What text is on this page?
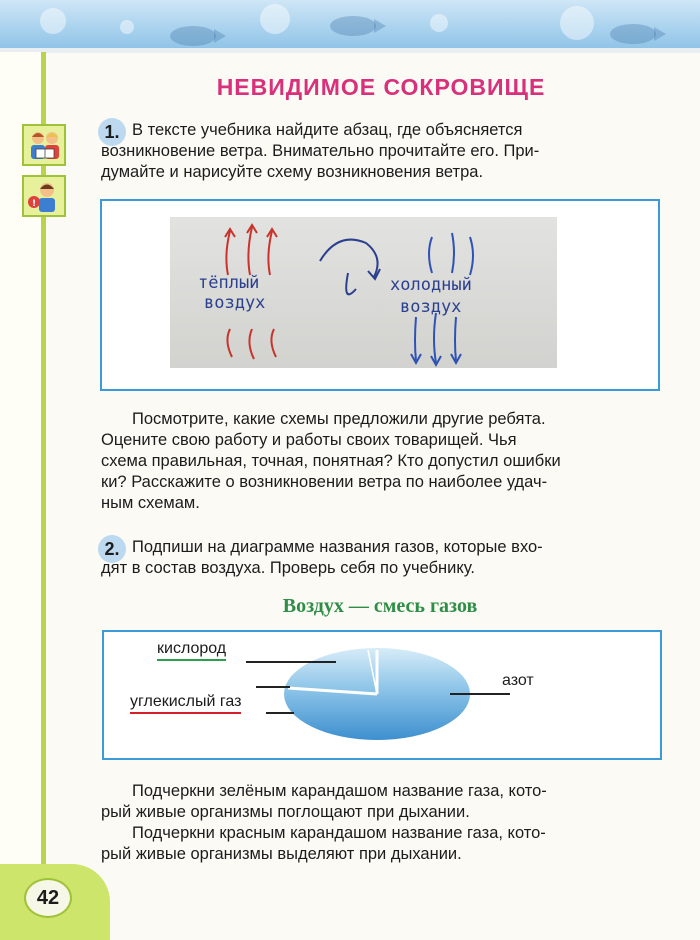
!
НЕВИДИМОЕ СОКРОВИЩЕ
1. В тексте учебника найдите абзац, где объясняется
возникновение ветра. Внимательно прочитайте его. При-
думайте и нарисуйте схему возникновения ветра.
тёплый
воздух
холодный
воздух
Посмотрите, какие схемы предложили другие ребята.
Оцените свою работу и работы своих товарищей. Чья
схема правильная, точная, понятная? Кто допустил ошибки
ки? Расскажите о возникновении ветра по наиболее удач-
ным схемам.
2. Подпиши на диаграмме названия газов, которые вхо-
дят в состав воздуха. Проверь себя по учебнику.
Воздух — смесь газов
кислород
углекислый газ
азот
Подчеркни зелёным карандашом название газа, кото-
рый живые организмы поглощают при дыхании.
Подчеркни красным карандашом название газа, кото-
рый живые организмы выделяют при дыхании.
42
